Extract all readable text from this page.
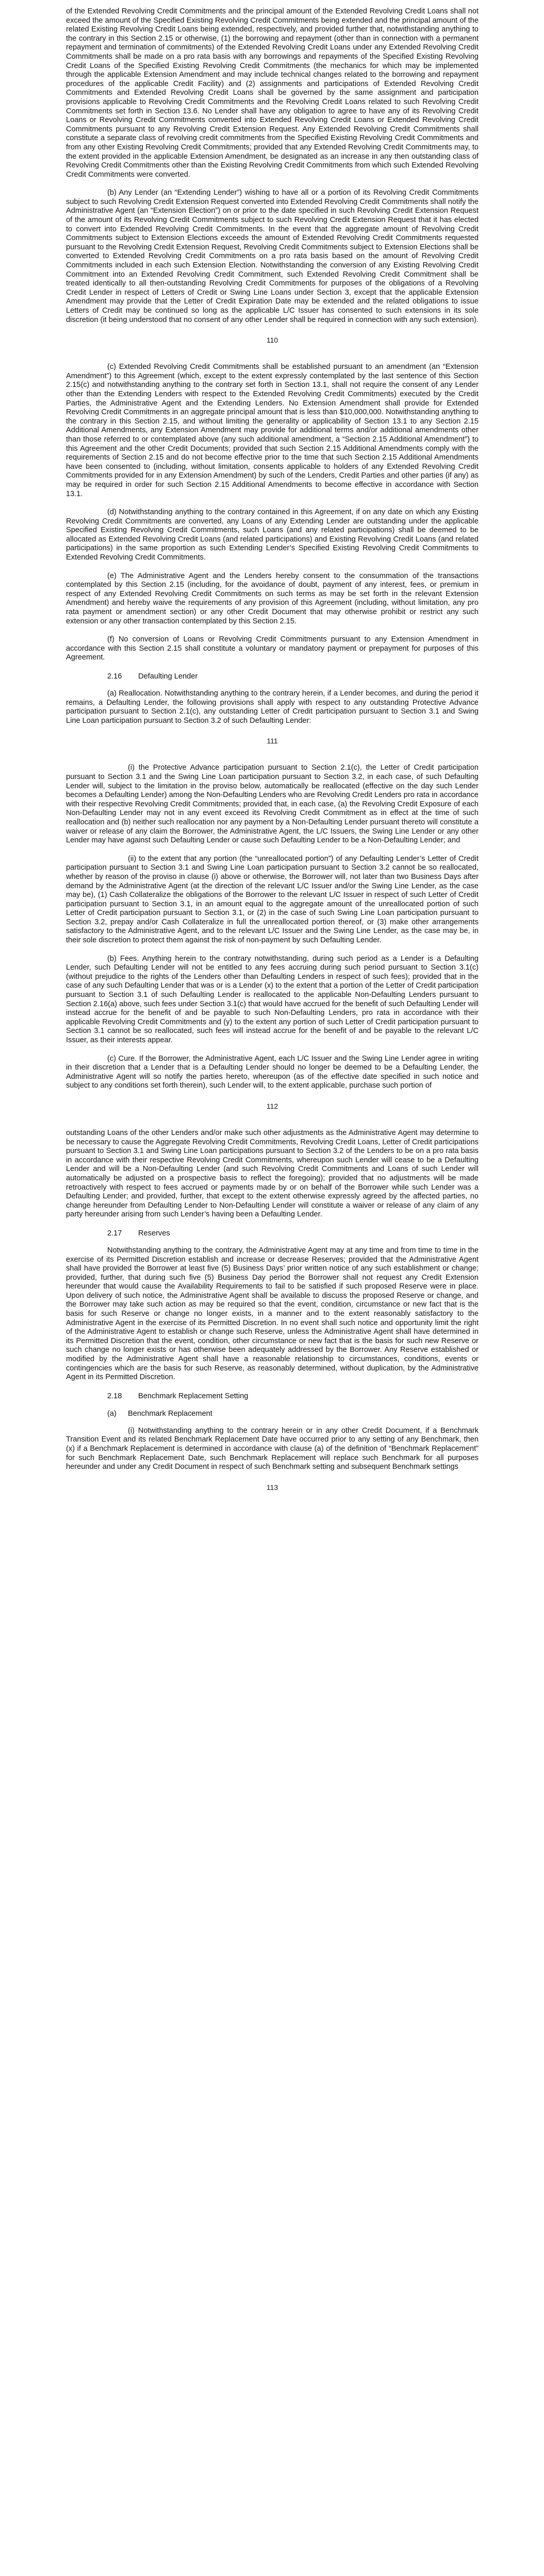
of the Extended Revolving Credit Commitments and the principal amount of the Extended Revolving Credit Loans shall not exceed the amount of the Specified Existing Revolving Credit Commitments being extended and the principal amount of the related Existing Revolving Credit Loans being extended, respectively, and provided further that, notwithstanding anything to the contrary in this Section 2.15 or otherwise, (1) the borrowing and repayment (other than in connection with a permanent repayment and termination of commitments) of the Extended Revolving Credit Loans under any Extended Revolving Credit Commitments shall be made on a pro rata basis with any borrowings and repayments of the Specified Existing Revolving Credit Loans of the Specified Existing Revolving Credit Commitments (the mechanics for which may be implemented through the applicable Extension Amendment and may include technical changes related to the borrowing and repayment procedures of the applicable Credit Facility) and (2) assignments and participations of Extended Revolving Credit Commitments and Extended Revolving Credit Loans shall be governed by the same assignment and participation provisions applicable to Revolving Credit Commitments and the Revolving Credit Loans related to such Revolving Credit Commitments set forth in Section 13.6. No Lender shall have any obligation to agree to have any of its Revolving Credit Loans or Revolving Credit Commitments converted into Extended Revolving Credit Loans or Extended Revolving Credit Commitments pursuant to any Revolving Credit Extension Request. Any Extended Revolving Credit Commitments shall constitute a separate class of revolving credit commitments from the Specified Existing Revolving Credit Commitments and from any other Existing Revolving Credit Commitments; provided that any Extended Revolving Credit Commitments may, to the extent provided in the applicable Extension Amendment, be designated as an increase in any then outstanding class of Revolving Credit Commitments other than the Existing Revolving Credit Commitments from which such Extended Revolving Credit Commitments were converted.

(b) Any Lender (an “Extending Lender”) wishing to have all or a portion of its Revolving Credit Commitments subject to such Revolving Credit Extension Request converted into Extended Revolving Credit Commitments shall notify the Administrative Agent (an “Extension Election”) on or prior to the date specified in such Revolving Credit Extension Request of the amount of its Revolving Credit Commitments subject to such Revolving Credit Extension Request that it has elected to convert into Extended Revolving Credit Commitments. In the event that the aggregate amount of Revolving Credit Commitments subject to Extension Elections exceeds the amount of Extended Revolving Credit Commitments requested pursuant to the Revolving Credit Extension Request, Revolving Credit Commitments subject to Extension Elections shall be converted to Extended Revolving Credit Commitments on a pro rata basis based on the amount of Revolving Credit Commitments included in each such Extension Election. Notwithstanding the conversion of any Existing Revolving Credit Commitment into an Extended Revolving Credit Commitment, such Extended Revolving Credit Commitment shall be treated identically to all then-outstanding Revolving Credit Commitments for purposes of the obligations of a Revolving Credit Lender in respect of Letters of Credit or Swing Line Loans under Section 3, except that the applicable Extension Amendment may provide that the Letter of Credit Expiration Date may be extended and the related obligations to issue Letters of Credit may be continued so long as the applicable L/C Issuer has consented to such extensions in its sole discretion (it being understood that no consent of any other Lender shall be required in connection with any such extension).

110

(c) Extended Revolving Credit Commitments shall be established pursuant to an amendment (an “Extension Amendment”) to this Agreement (which, except to the extent expressly contemplated by the last sentence of this Section 2.15(c) and notwithstanding anything to the contrary set forth in Section 13.1, shall not require the consent of any Lender other than the Extending Lenders with respect to the Extended Revolving Credit Commitments) executed by the Credit Parties, the Administrative Agent and the Extending Lenders. No Extension Amendment shall provide for Extended Revolving Credit Commitments in an aggregate principal amount that is less than $10,000,000. Notwithstanding anything to the contrary in this Section 2.15, and without limiting the generality or applicability of Section 13.1 to any Section 2.15 Additional Amendments, any Extension Amendment may provide for additional terms and/or additional amendments other than those referred to or contemplated above (any such additional amendment, a “Section 2.15 Additional Amendment”) to this Agreement and the other Credit Documents; provided that such Section 2.15 Additional Amendments comply with the requirements of Section 2.15 and do not become effective prior to the time that such Section 2.15 Additional Amendments have been consented to (including, without limitation, consents applicable to holders of any Extended Revolving Credit Commitments provided for in any Extension Amendment) by such of the Lenders, Credit Parties and other parties (if any) as may be required in order for such Section 2.15 Additional Amendments to become effective in accordance with Section 13.1.

(d) Notwithstanding anything to the contrary contained in this Agreement, if on any date on which any Existing Revolving Credit Commitments are converted, any Loans of any Extending Lender are outstanding under the applicable Specified Existing Revolving Credit Commitments, such Loans (and any related participations) shall be deemed to be allocated as Extended Revolving Credit Loans (and related participations) and Existing Revolving Credit Loans (and related participations) in the same proportion as such Extending Lender’s Specified Existing Revolving Credit Commitments to Extended Revolving Credit Commitments.

(e) The Administrative Agent and the Lenders hereby consent to the consummation of the transactions contemplated by this Section 2.15 (including, for the avoidance of doubt, payment of any interest, fees, or premium in respect of any Extended Revolving Credit Commitments on such terms as may be set forth in the relevant Extension Amendment) and hereby waive the requirements of any provision of this Agreement (including, without limitation, any pro rata payment or amendment section) or any other Credit Document that may otherwise prohibit or restrict any such extension or any other transaction contemplated by this Section 2.15.

(f) No conversion of Loans or Revolving Credit Commitments pursuant to any Extension Amendment in accordance with this Section 2.15 shall constitute a voluntary or mandatory payment or prepayment for purposes of this Agreement.

2.16 Defaulting Lender

(a) Reallocation. Notwithstanding anything to the contrary herein, if a Lender becomes, and during the period it remains, a Defaulting Lender, the following provisions shall apply with respect to any outstanding Protective Advance participation pursuant to Section 2.1(c), any outstanding Letter of Credit participation pursuant to Section 3.1 and Swing Line Loan participation pursuant to Section 3.2 of such Defaulting Lender:

111

(i) the Protective Advance participation pursuant to Section 2.1(c), the Letter of Credit participation pursuant to Section 3.1 and the Swing Line Loan participation pursuant to Section 3.2, in each case, of such Defaulting Lender will, subject to the limitation in the proviso below, automatically be reallocated (effective on the day such Lender becomes a Defaulting Lender) among the Non-Defaulting Lenders who are Revolving Credit Lenders pro rata in accordance with their respective Revolving Credit Commitments; provided that, in each case, (a) the Revolving Credit Exposure of each Non-Defaulting Lender may not in any event exceed its Revolving Credit Commitment as in effect at the time of such reallocation and (b) neither such reallocation nor any payment by a Non-Defaulting Lender pursuant thereto will constitute a waiver or release of any claim the Borrower, the Administrative Agent, the L/C Issuers, the Swing Line Lender or any other Lender may have against such Defaulting Lender or cause such Defaulting Lender to be a Non-Defaulting Lender; and

(ii) to the extent that any portion (the “unreallocated portion”) of any Defaulting Lender’s Letter of Credit participation pursuant to Section 3.1 and Swing Line Loan participation pursuant to Section 3.2 cannot be so reallocated, whether by reason of the proviso in clause (i) above or otherwise, the Borrower will, not later than two Business Days after demand by the Administrative Agent (at the direction of the relevant L/C Issuer and/or the Swing Line Lender, as the case may be), (1) Cash Collateralize the obligations of the Borrower to the relevant L/C Issuer in respect of such Letter of Credit participation pursuant to Section 3.1, in an amount equal to the aggregate amount of the unreallocated portion of such Letter of Credit participation pursuant to Section 3.1, or (2) in the case of such Swing Line Loan participation pursuant to Section 3.2, prepay and/or Cash Collateralize in full the unreallocated portion thereof, or (3) make other arrangements satisfactory to the Administrative Agent, and to the relevant L/C Issuer and the Swing Line Lender, as the case may be, in their sole discretion to protect them against the risk of non-payment by such Defaulting Lender.

(b) Fees. Anything herein to the contrary notwithstanding, during such period as a Lender is a Defaulting Lender, such Defaulting Lender will not be entitled to any fees accruing during such period pursuant to Section 3.1(c) (without prejudice to the rights of the Lenders other than Defaulting Lenders in respect of such fees); provided that in the case of any such Defaulting Lender that was or is a Lender (x) to the extent that a portion of the Letter of Credit participation pursuant to Section 3.1 of such Defaulting Lender is reallocated to the applicable Non-Defaulting Lenders pursuant to Section 2.16(a) above, such fees under Section 3.1(c) that would have accrued for the benefit of such Defaulting Lender will instead accrue for the benefit of and be payable to such Non-Defaulting Lenders, pro rata in accordance with their applicable Revolving Credit Commitments and (y) to the extent any portion of such Letter of Credit participation pursuant to Section 3.1 cannot be so reallocated, such fees will instead accrue for the benefit of and be payable to the relevant L/C Issuer, as their interests appear.

(c) Cure. If the Borrower, the Administrative Agent, each L/C Issuer and the Swing Line Lender agree in writing in their discretion that a Lender that is a Defaulting Lender should no longer be deemed to be a Defaulting Lender, the Administrative Agent will so notify the parties hereto, whereupon (as of the effective date specified in such notice and subject to any conditions set forth therein), such Lender will, to the extent applicable, purchase such portion of

112

outstanding Loans of the other Lenders and/or make such other adjustments as the Administrative Agent may determine to be necessary to cause the Aggregate Revolving Credit Commitments, Revolving Credit Loans, Letter of Credit participations pursuant to Section 3.1 and Swing Line Loan participations pursuant to Section 3.2 of the Lenders to be on a pro rata basis in accordance with their respective Revolving Credit Commitments, whereupon such Lender will cease to be a Defaulting Lender and will be a Non-Defaulting Lender (and such Revolving Credit Commitments and Loans of such Lender will automatically be adjusted on a prospective basis to reflect the foregoing); provided that no adjustments will be made retroactively with respect to fees accrued or payments made by or on behalf of the Borrower while such Lender was a Defaulting Lender; and provided, further, that except to the extent otherwise expressly agreed by the affected parties, no change hereunder from Defaulting Lender to Non-Defaulting Lender will constitute a waiver or release of any claim of any party hereunder arising from such Lender’s having been a Defaulting Lender.

2.17 Reserves

Notwithstanding anything to the contrary, the Administrative Agent may at any time and from time to time in the exercise of its Permitted Discretion establish and increase or decrease Reserves; provided that the Administrative Agent shall have provided the Borrower at least five (5) Business Days’ prior written notice of any such establishment or change; provided, further, that during such five (5) Business Day period the Borrower shall not request any Credit Extension hereunder that would cause the Availability Requirements to fail to be satisfied if such proposed Reserve were in place. Upon delivery of such notice, the Administrative Agent shall be available to discuss the proposed Reserve or change, and the Borrower may take such action as may be required so that the event, condition, circumstance or new fact that is the basis for such Reserve or change no longer exists, in a manner and to the extent reasonably satisfactory to the Administrative Agent in the exercise of its Permitted Discretion. In no event shall such notice and opportunity limit the right of the Administrative Agent to establish or change such Reserve, unless the Administrative Agent shall have determined in its Permitted Discretion that the event, condition, other circumstance or new fact that is the basis for such new Reserve or such change no longer exists or has otherwise been adequately addressed by the Borrower. Any Reserve established or modified by the Administrative Agent shall have a reasonable relationship to circumstances, conditions, events or contingencies which are the basis for such Reserve, as reasonably determined, without duplication, by the Administrative Agent in its Permitted Discretion.

2.18 Benchmark Replacement Setting
(a) Benchmark Replacement

(i) Notwithstanding anything to the contrary herein or in any other Credit Document, if a Benchmark Transition Event and its related Benchmark Replacement Date have occurred prior to any setting of any Benchmark, then (x) if a Benchmark Replacement is determined in accordance with clause (a) of the definition of “Benchmark Replacement” for such Benchmark Replacement Date, such Benchmark Replacement will replace such Benchmark for all purposes hereunder and under any Credit Document in respect of such Benchmark setting and subsequent Benchmark settings

113
